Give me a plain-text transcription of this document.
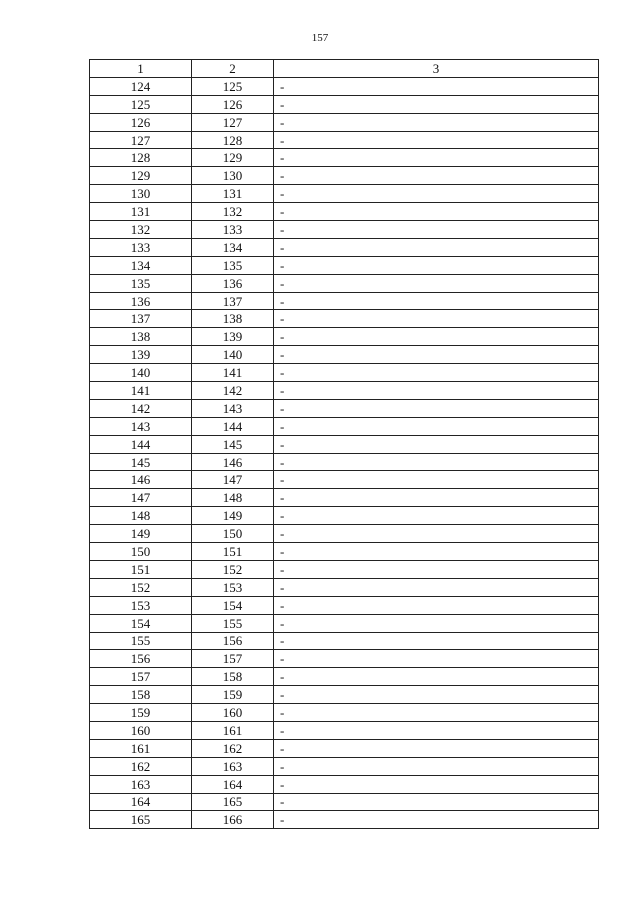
157
1	2	3
124	125	-
125	126	-
126	127	-
127	128	-
128	129	-
129	130	-
130	131	-
131	132	-
132	133	-
133	134	-
134	135	-
135	136	-
136	137	-
137	138	-
138	139	-
139	140	-
140	141	-
141	142	-
142	143	-
143	144	-
144	145	-
145	146	-
146	147	-
147	148	-
148	149	-
149	150	-
150	151	-
151	152	-
152	153	-
153	154	-
154	155	-
155	156	-
156	157	-
157	158	-
158	159	-
159	160	-
160	161	-
161	162	-
162	163	-
163	164	-
164	165	-
165	166	-
